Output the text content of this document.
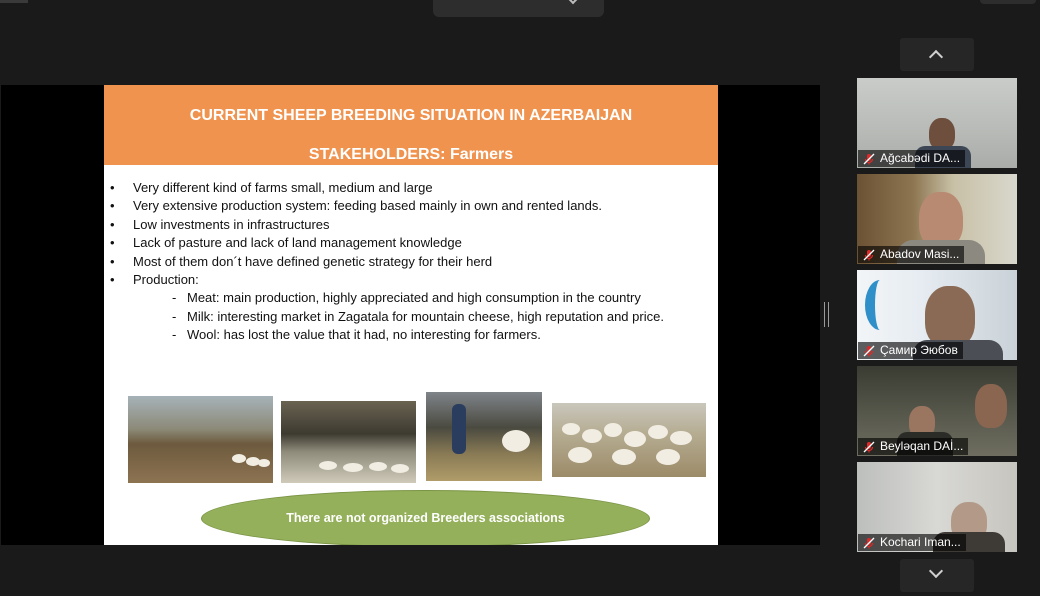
CURRENT SHEEP BREEDING SITUATION IN AZERBAIJAN
STAKEHOLDERS: Farmers
• Very different kind of farms small, medium and large
• Very extensive production system: feeding based mainly in own and rented lands.
• Low investments in infrastructures
• Lack of pasture and lack of land management knowledge
• Most of them don´t have defined genetic strategy for their herd
• Production:
- Meat: main production, highly appreciated and high consumption in the country
- Milk: interesting market in Zagatala for mountain cheese, high reputation and price.
- Wool: has lost the value that it had, no interesting for farmers.
There are not organized Breeders associations
Ağcabədi DA...
Abadov Masi...
Çамир Эюбов
Beyləqan DAİ...
Kochari Iman...
